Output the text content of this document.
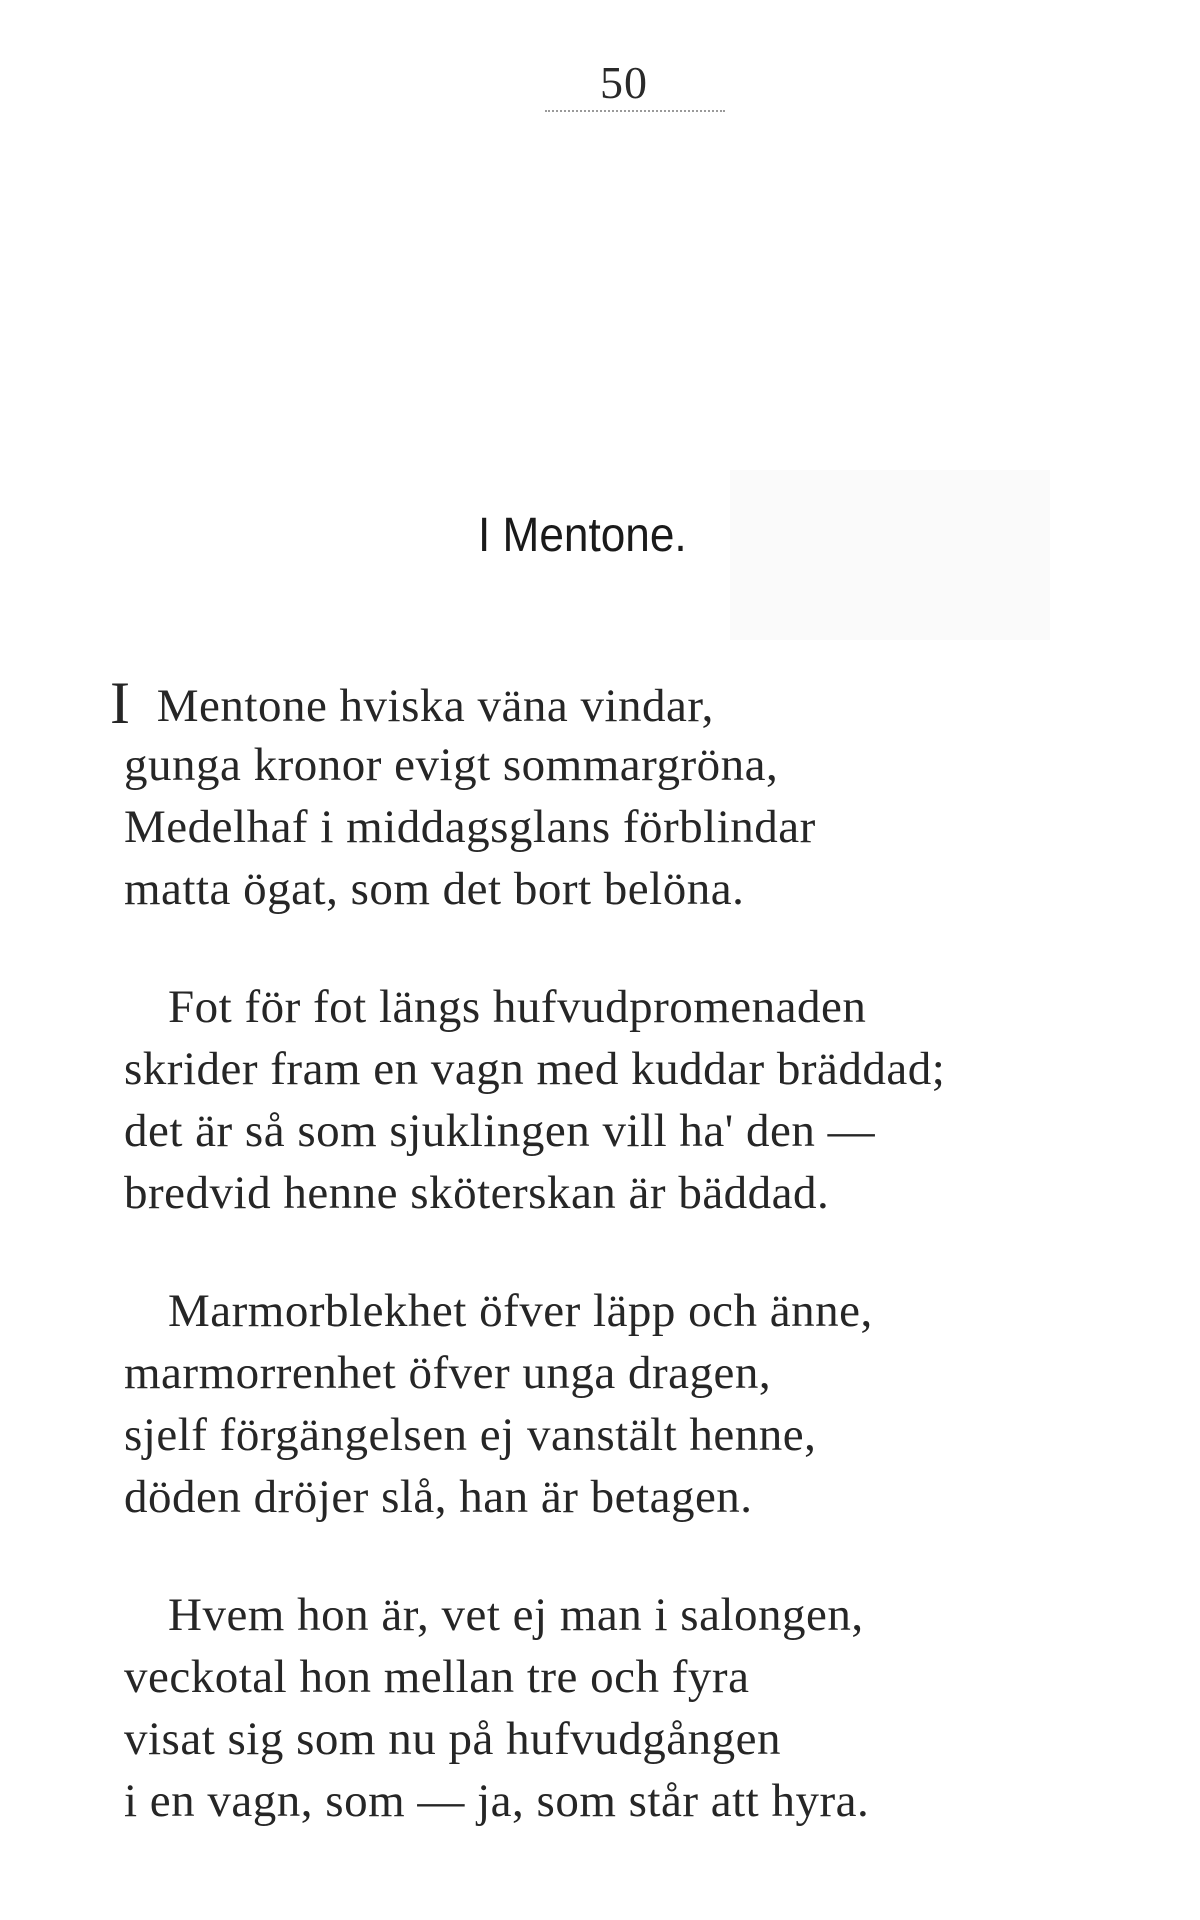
50
I Mentone.
I Mentone hviska väna vindar,
gunga kronor evigt sommargröna,
Medelhaf i middagsglans förblindar
matta ögat, som det bort belöna.
Fot för fot längs hufvudpromenaden
skrider fram en vagn med kuddar bräddad;
det är så som sjuklingen vill ha' den —
bredvid henne sköterskan är bäddad.
Marmorblekhet öfver läpp och änne,
marmorrenhet öfver unga dragen,
sjelf förgängelsen ej vanstält henne,
döden dröjer slå, han är betagen.
Hvem hon är, vet ej man i salongen,
veckotal hon mellan tre och fyra
visat sig som nu på hufvudgången
i en vagn, som — ja, som står att hyra.
